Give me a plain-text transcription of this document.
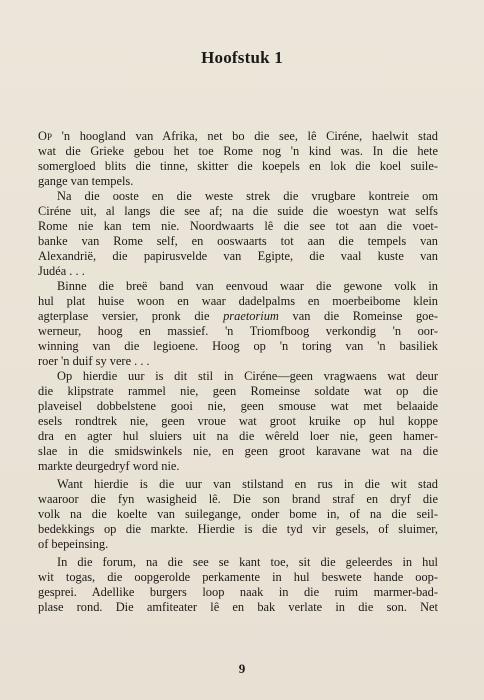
Hoofstuk 1
Op 'n hoogland van Afrika, net bo die see, lê Ciréne, haelwit stad
wat die Grieke gebou het toe Rome nog 'n kind was. In die hete
somergloed blits die tinne, skitter die koepels en lok die koel suile-
gange van tempels.
Na die ooste en die weste strek die vrugbare kontreie om
Ciréne uit, al langs die see af; na die suide die woestyn wat selfs
Rome nie kan tem nie. Noordwaarts lê die see tot aan die voet-
banke van Rome self, en ooswaarts tot aan die tempels van
Alexandrië, die papirusvelde van Egipte, die vaal kuste van
Judéa . . .
Binne die breë band van eenvoud waar die gewone volk in
hul plat huise woon en waar dadelpalms en moerbeibome klein
agterplase versier, pronk die praetorium van die Romeinse goe-
werneur, hoog en massief. 'n Triomfboog verkondig 'n oor-
winning van die legioene. Hoog op 'n toring van 'n basiliek
roer 'n duif sy vere . . .
Op hierdie uur is dit stil in Ciréne—geen vragwaens wat deur
die klipstrate rammel nie, geen Romeinse soldate wat op die
plaveisel dobbelstene gooi nie, geen smouse wat met belaaide
esels rondtrek nie, geen vroue wat groot kruike op hul koppe
dra en agter hul sluiers uit na die wêreld loer nie, geen hamer-
slae in die smidswinkels nie, en geen groot karavane wat na die
markte deurgedryf word nie.
Want hierdie is die uur van stilstand en rus in die wit stad
waaroor die fyn wasigheid lê. Die son brand straf en dryf die
volk na die koelte van suilegange, onder bome in, of na die seil-
bedekkings op die markte. Hierdie is die tyd vir gesels, of sluimer,
of bepeinsing.
In die forum, na die see se kant toe, sit die geleerdes in hul
wit togas, die oopgerolde perkamente in hul beswete hande oop-
gesprei. Adellike burgers loop naak in die ruim marmer-bad-
plase rond. Die amfiteater lê en bak verlate in die son. Net
9
